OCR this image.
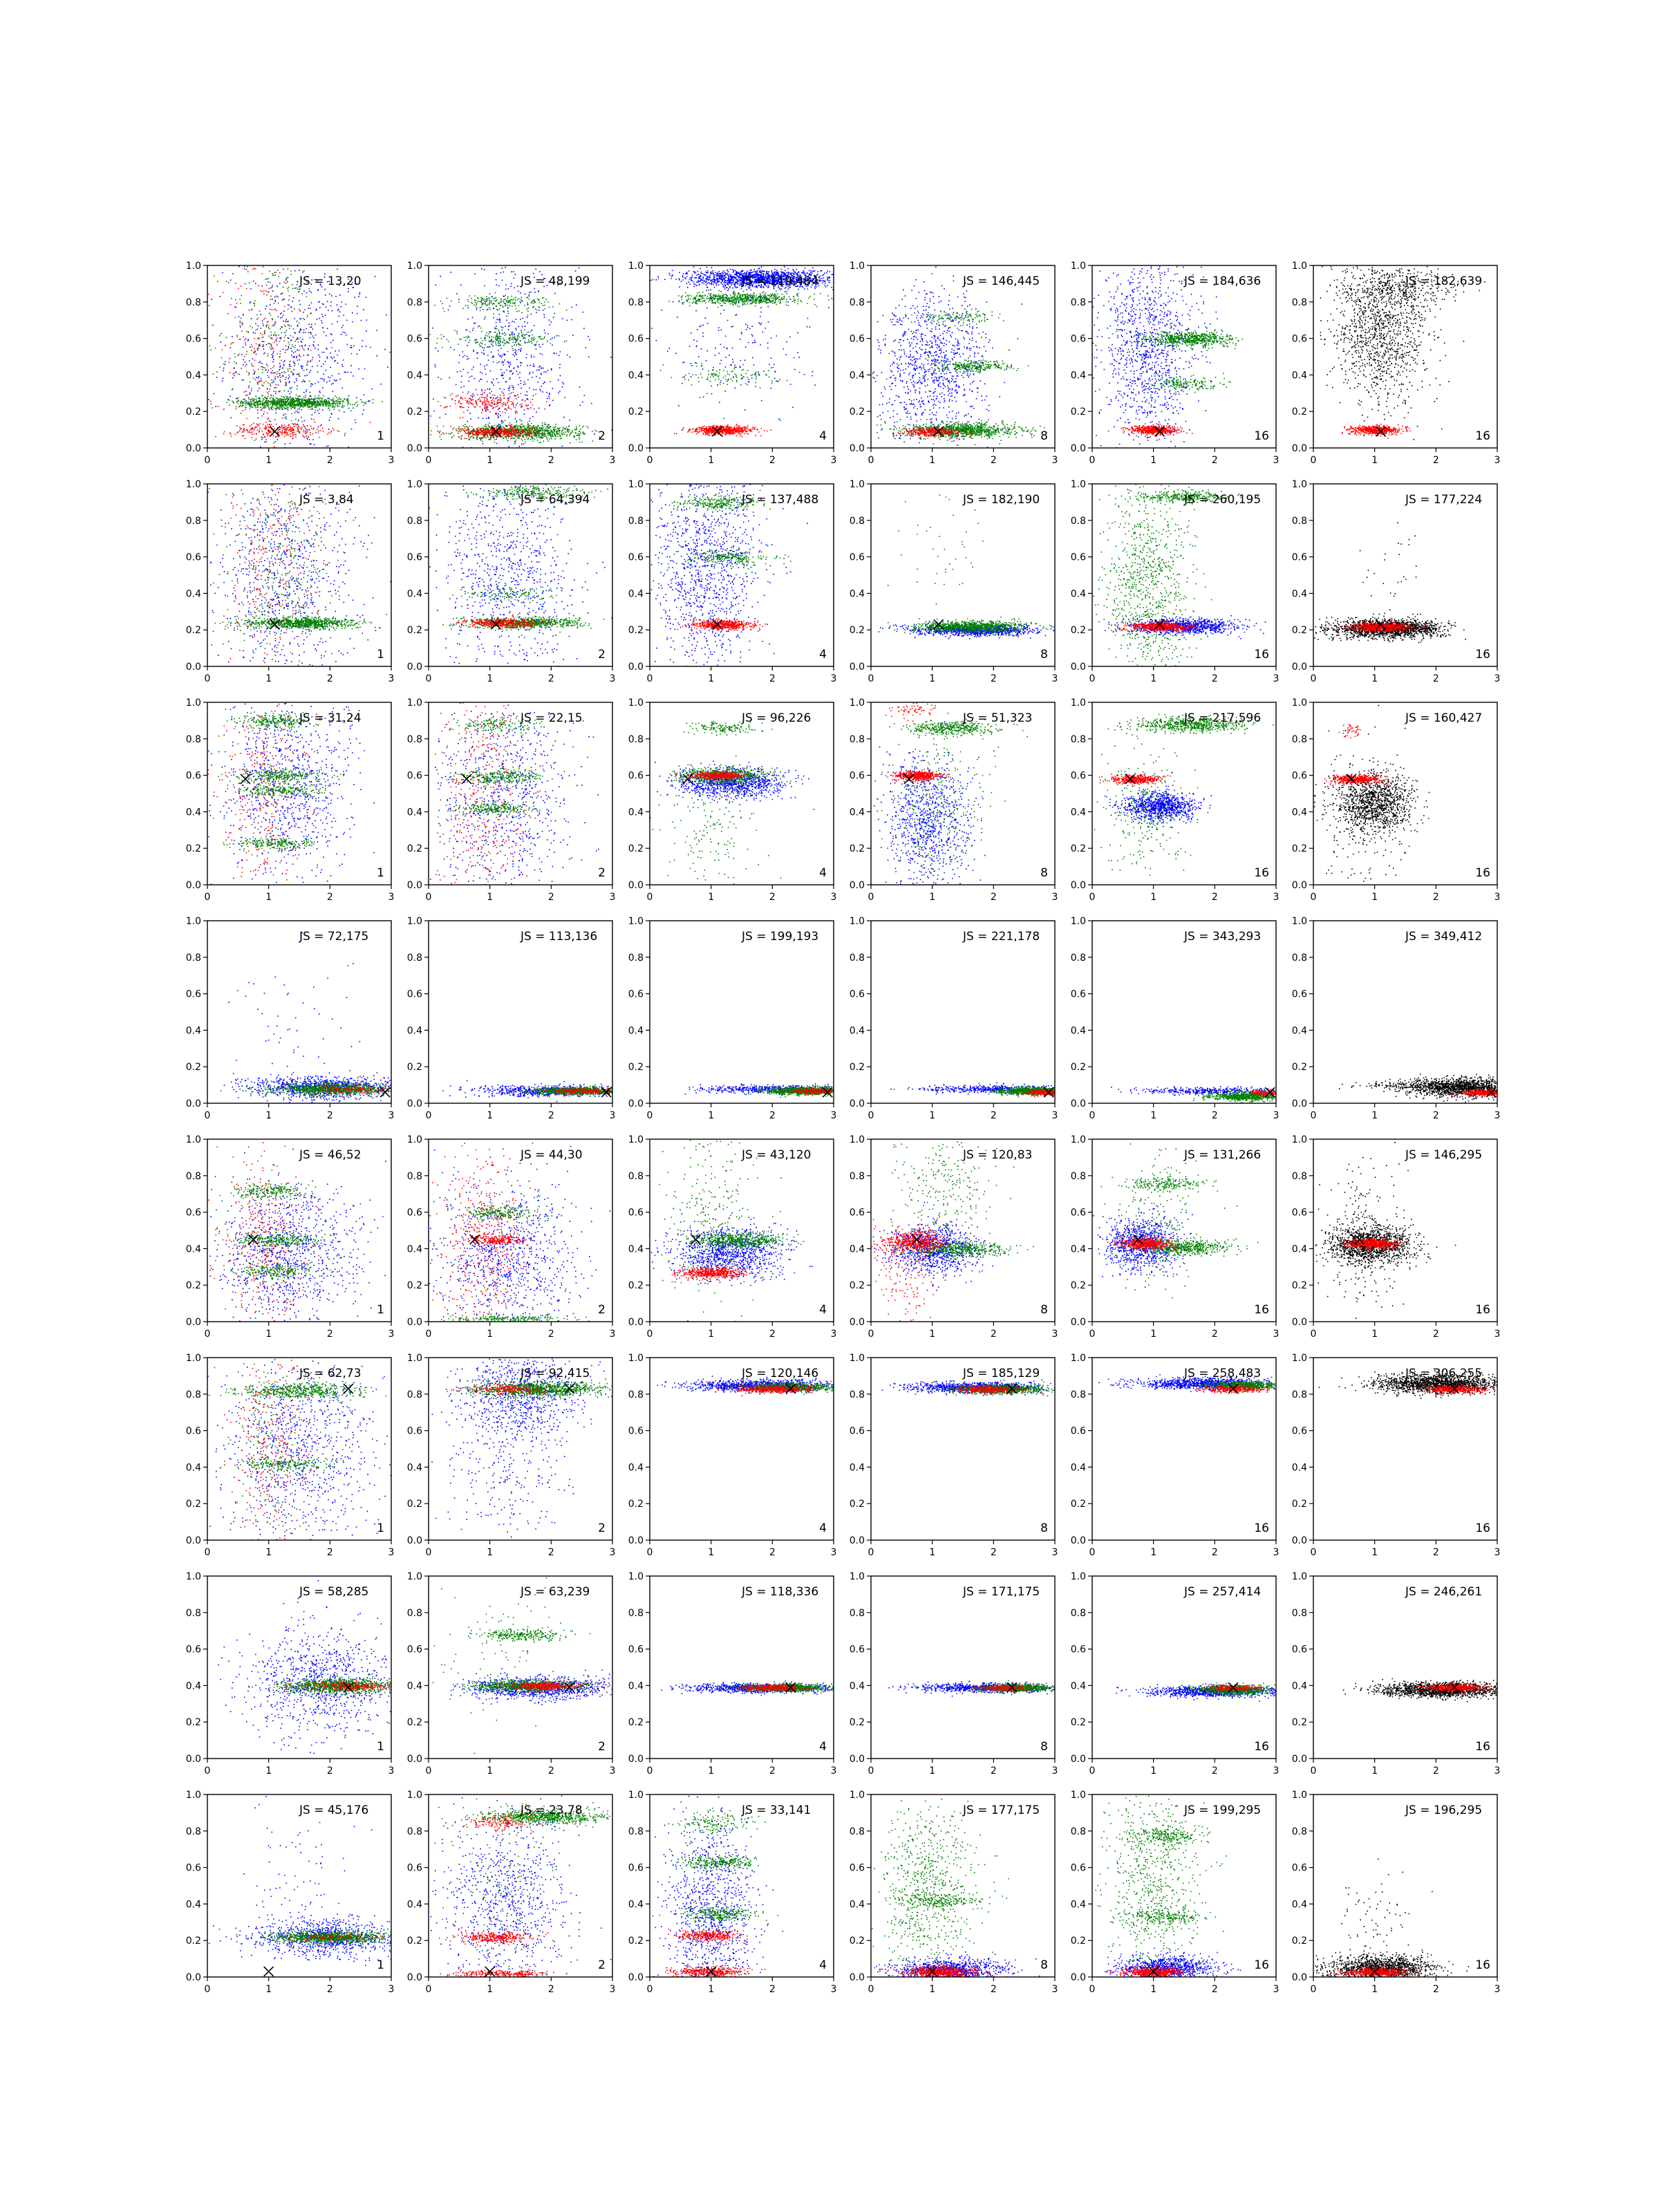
0	1	2	3
0.0
0.2
0.4
0.6
0.8
1.0
JS = 13,20
1
0	1	2	3
0.0
0.2
0.4
0.6
0.8
1.0
JS = 48,199
2
0	1	2	3
0.0
0.2
0.4
0.6
0.8
1.0
JS = 119,484
4
0	1	2	3
0.0
0.2
0.4
0.6
0.8
1.0
JS = 146,445
8
0	1	2	3
0.0
0.2
0.4
0.6
0.8
1.0
JS = 184,636
16
0	1	2	3
0.0
0.2
0.4
0.6
0.8
1.0
JS = 182,639
16
0	1	2	3
0.0
0.2
0.4
0.6
0.8
1.0
JS = 3,84
1
0	1	2	3
0.0
0.2
0.4
0.6
0.8
1.0
JS = 64,394
2
0	1	2	3
0.0
0.2
0.4
0.6
0.8
1.0
JS = 137,488
4
0	1	2	3
0.0
0.2
0.4
0.6
0.8
1.0
JS = 182,190
8
0	1	2	3
0.0
0.2
0.4
0.6
0.8
1.0
JS = 260,195
16
0	1	2	3
0.0
0.2
0.4
0.6
0.8
1.0
JS = 177,224
16
0	1	2	3
0.0
0.2
0.4
0.6
0.8
1.0
JS = 31,24
1
0	1	2	3
0.0
0.2
0.4
0.6
0.8
1.0
JS = 22,15
2
0	1	2	3
0.0
0.2
0.4
0.6
0.8
1.0
JS = 96,226
4
0	1	2	3
0.0
0.2
0.4
0.6
0.8
1.0
JS = 51,323
8
0	1	2	3
0.0
0.2
0.4
0.6
0.8
1.0
JS = 217,596
16
0	1	2	3
0.0
0.2
0.4
0.6
0.8
1.0
JS = 160,427
16
0	1	2	3
0.0
0.2
0.4
0.6
0.8
1.0
JS = 72,175
0	1	2	3
0.0
0.2
0.4
0.6
0.8
1.0
JS = 113,136
0	1	2	3
0.0
0.2
0.4
0.6
0.8
1.0
JS = 199,193
0	1	2	3
0.0
0.2
0.4
0.6
0.8
1.0
JS = 221,178
0	1	2	3
0.0
0.2
0.4
0.6
0.8
1.0
JS = 343,293
0	1	2	3
0.0
0.2
0.4
0.6
0.8
1.0
JS = 349,412
0	1	2	3
0.0
0.2
0.4
0.6
0.8
1.0
JS = 46,52
1
0	1	2	3
0.0
0.2
0.4
0.6
0.8
1.0
JS = 44,30
2
0	1	2	3
0.0
0.2
0.4
0.6
0.8
1.0
JS = 43,120
4
0	1	2	3
0.0
0.2
0.4
0.6
0.8
1.0
JS = 120,83
8
0	1	2	3
0.0
0.2
0.4
0.6
0.8
1.0
JS = 131,266
16
0	1	2	3
0.0
0.2
0.4
0.6
0.8
1.0
JS = 146,295
16
0	1	2	3
0.0
0.2
0.4
0.6
0.8
1.0
JS = 62,73
1
0	1	2	3
0.0
0.2
0.4
0.6
0.8
1.0
JS = 92,415
2
0	1	2	3
0.0
0.2
0.4
0.6
0.8
1.0
JS = 120,146
4
0	1	2	3
0.0
0.2
0.4
0.6
0.8
1.0
JS = 185,129
8
0	1	2	3
0.0
0.2
0.4
0.6
0.8
1.0
JS = 258,483
16
0	1	2	3
0.0
0.2
0.4
0.6
0.8
1.0
JS = 306,255
16
0	1	2	3
0.0
0.2
0.4
0.6
0.8
1.0
JS = 58,285
1
0	1	2	3
0.0
0.2
0.4
0.6
0.8
1.0
JS = 63,239
2
0	1	2	3
0.0
0.2
0.4
0.6
0.8
1.0
JS = 118,336
4
0	1	2	3
0.0
0.2
0.4
0.6
0.8
1.0
JS = 171,175
8
0	1	2	3
0.0
0.2
0.4
0.6
0.8
1.0
JS = 257,414
16
0	1	2	3
0.0
0.2
0.4
0.6
0.8
1.0
JS = 246,261
16
0	1	2	3
0.0
0.2
0.4
0.6
0.8
1.0
JS = 45,176
1
0	1	2	3
0.0
0.2
0.4
0.6
0.8
1.0
JS = 23,78
2
0	1	2	3
0.0
0.2
0.4
0.6
0.8
1.0
JS = 33,141
4
0	1	2	3
0.0
0.2
0.4
0.6
0.8
1.0
JS = 177,175
8
0	1	2	3
0.0
0.2
0.4
0.6
0.8
1.0
JS = 199,295
16
0	1	2	3
0.0
0.2
0.4
0.6
0.8
1.0
JS = 196,295
16
